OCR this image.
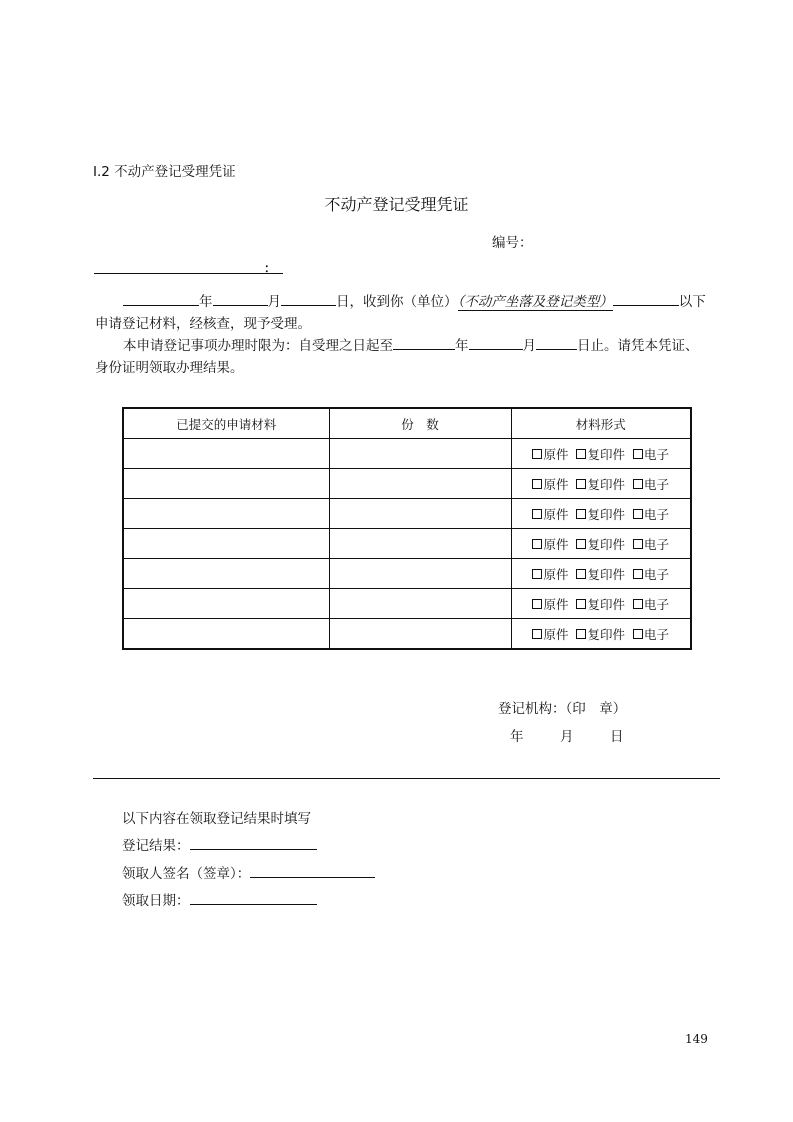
I.2 不动产登记受理凭证
不动产登记受理凭证
编号：
：
年	月	日，收到你（单位）（不动产坐落及登记类型）	以下
申请登记材料，经核查，现予受理。
本申请登记事项办理时限为：自受理之日起至	年	月	日止。请凭本凭证、
身份证明领取办理结果。
已提交的申请材料	份　数	材料形式
		原件 复印件 电子
		原件 复印件 电子
		原件 复印件 电子
		原件 复印件 电子
		原件 复印件 电子
		原件 复印件 电子
		原件 复印件 电子
登记机构：（印　章）
年	月	日
以下内容在领取登记结果时填写
登记结果：
领取人签名（签章）：
领取日期：
149
